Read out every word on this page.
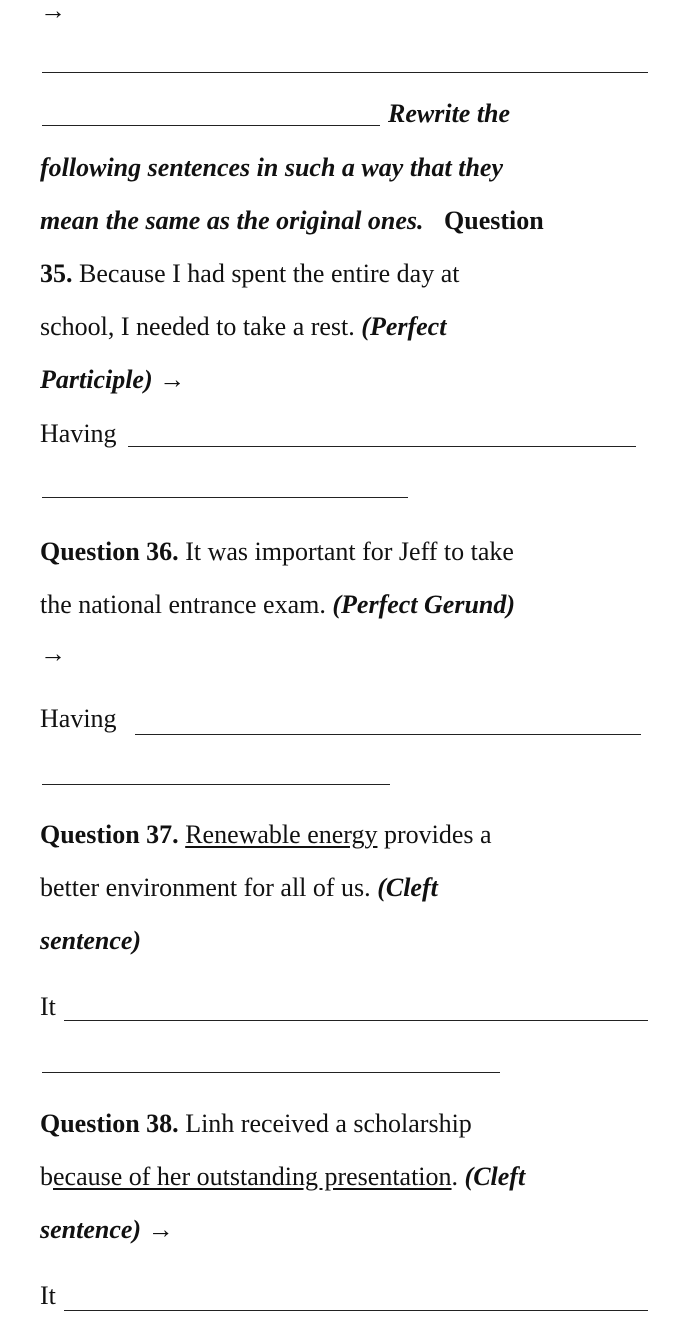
→
Rewrite the
following sentences in such a way that they
mean the same as the original ones. Question
35. Because I had spent the entire day at
school, I needed to take a rest. (Perfect
Participle) →
Having
Question 36. It was important for Jeff to take
the national entrance exam. (Perfect Gerund)
→
Having
Question 37. Renewable energy provides a
better environment for all of us. (Cleft
sentence)
It
Question 38. Linh received a scholarship
because of her outstanding presentation. (Cleft
sentence) →
It
